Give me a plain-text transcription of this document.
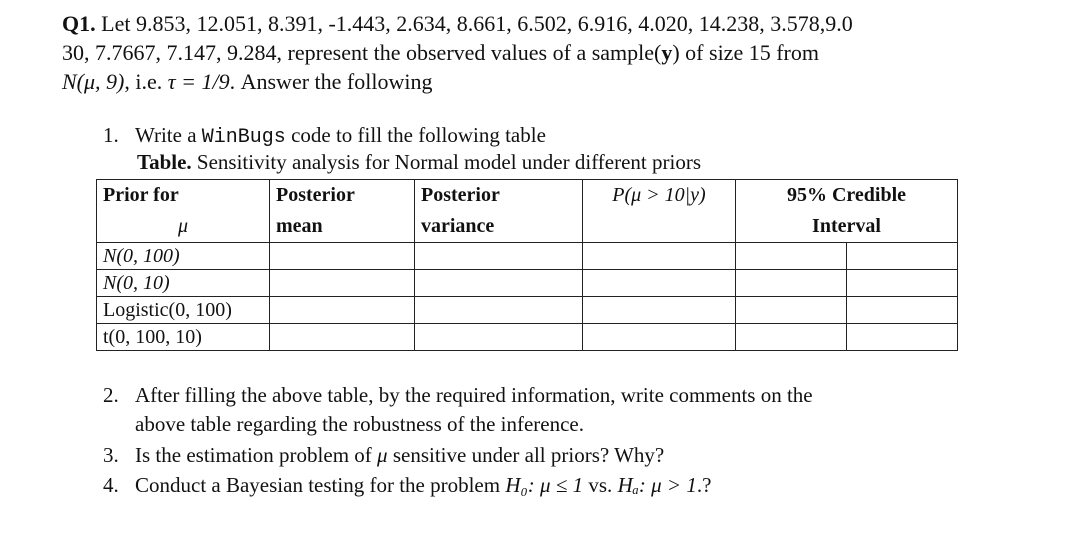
Q1. Let 9.853, 12.051, 8.391, -1.443, 2.634, 8.661, 6.502, 6.916, 4.020, 14.238, 3.578,9.0
30, 7.7667, 7.147, 9.284, represent the observed values of a sample(y) of size 15 from
N(μ, 9), i.e. τ = 1/9. Answer the following
1. Write a WinBugs code to fill the following table
Table. Sensitivity analysis for Normal model under different priors
Prior for	Posterior	Posterior	P(μ > 10|y)	95% Credible	
μ	mean	variance		Interval	
N(0, 100)					
N(0, 10)					
Logistic(0, 100)					
t(0, 100, 10)					
2. After filling the above table, by the required information, write comments on the
above table regarding the robustness of the inference.
3. Is the estimation problem of μ sensitive under all priors? Why?
4. Conduct a Bayesian testing for the problem H₀: μ ≤ 1 vs. Hₐ: μ > 1.?
